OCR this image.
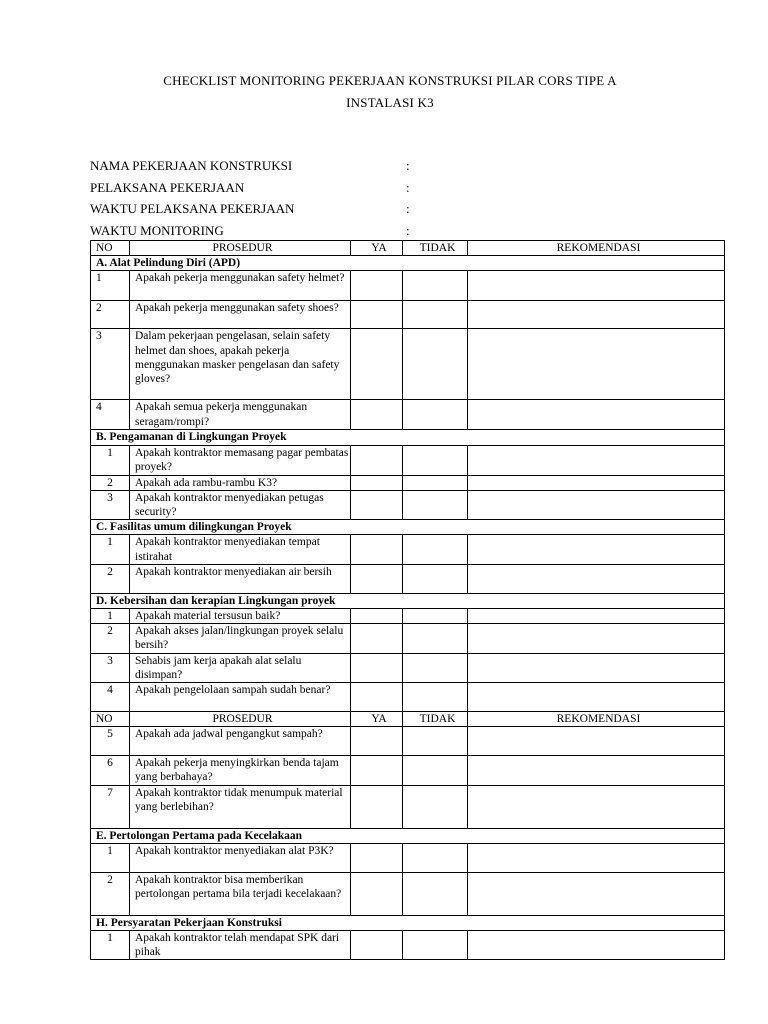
CHECKLIST MONITORING PEKERJAAN KONSTRUKSI PILAR CORS TIPE A
INSTALASI K3
NAMA PEKERJAAN KONSTRUKSI	:
PELAKSANA PEKERJAAN	:
WAKTU PELAKSANA PEKERJAAN	:
WAKTU MONITORING	:
NO	PROSEDUR	YA	TIDAK	REKOMENDASI
A. Alat Pelindung Diri (APD)				
1	Apakah pekerja menggunakan safety helmet?			
2	Apakah pekerja menggunakan safety shoes?			
3	Dalam pekerjaan pengelasan, selain safety helmet dan shoes, apakah pekerja menggunakan masker pengelasan dan safety gloves?			
4	Apakah semua pekerja menggunakan seragam/rompi?			
B. Pengamanan di Lingkungan Proyek				
1	Apakah kontraktor memasang pagar pembatas proyek?			
2	Apakah ada rambu-rambu K3?			
3	Apakah kontraktor menyediakan petugas security?			
C. Fasilitas umum dilingkungan Proyek				
1	Apakah kontraktor menyediakan tempat istirahat			
2	Apakah kontraktor menyediakan air bersih			
D. Kebersihan dan kerapian Lingkungan proyek				
1	Apakah material tersusun baik?			
2	Apakah akses jalan/lingkungan proyek selalu bersih?			
3	Sehabis jam kerja apakah alat selalu disimpan?			
4	Apakah pengelolaan sampah sudah benar?			
NO	PROSEDUR	YA	TIDAK	REKOMENDASI
5	Apakah ada jadwal pengangkut sampah?			
6	Apakah pekerja menyingkirkan benda tajam yang berbahaya?			
7	Apakah kontraktor tidak menumpuk material yang berlebihan?			
E. Pertolongan Pertama pada Kecelakaan				
1	Apakah kontraktor menyediakan alat P3K?			
2	Apakah kontraktor bisa memberikan pertolongan pertama bila terjadi kecelakaan?			
H. Persyaratan Pekerjaan Konstruksi				
1	Apakah kontraktor telah mendapat SPK dari pihak			
